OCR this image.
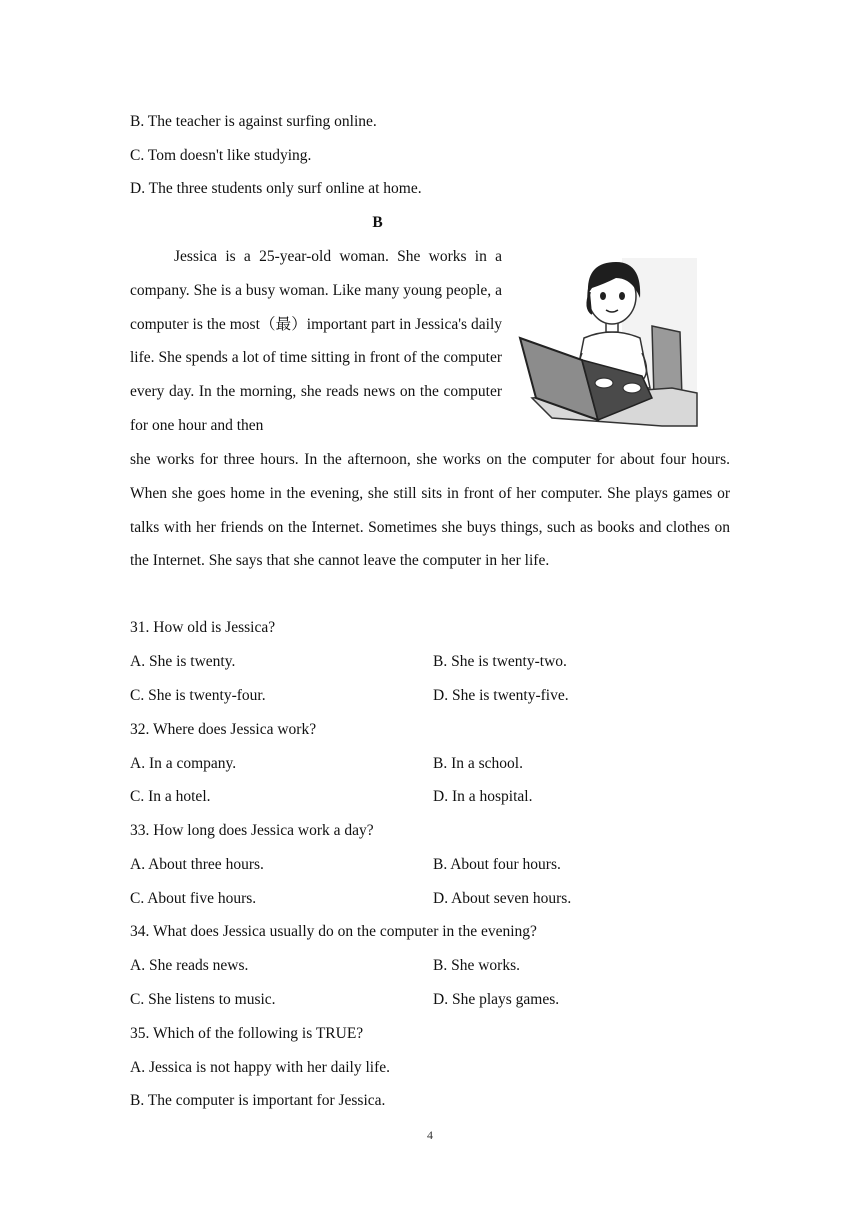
B. The teacher is against surfing online.
C. Tom doesn't like studying.
D. The three students only surf online at home.
B
Jessica is a 25-year-old woman. She works in a company. She is a busy woman. Like many young people, a computer is the most（最）important part in Jessica's daily life. She spends a lot of time sitting in front of the computer every day. In the morning, she reads news on the computer for one hour and then
she works for three hours. In the afternoon, she works on the computer for about four hours. When she goes home in the evening, she still sits in front of her computer. She plays games or talks with her friends on the Internet. Sometimes she buys things, such as books and clothes on the Internet. She says that she cannot leave the computer in her life.
31. How old is Jessica?
A. She is twenty.	B. She is twenty-two.
C. She is twenty-four.	D. She is twenty-five.
32. Where does Jessica work?
A. In a company.	B. In a school.
C. In a hotel.	D. In a hospital.
33. How long does Jessica work a day?
A. About three hours.	B. About four hours.
C. About five hours.	D. About seven hours.
34. What does Jessica usually do on the computer in the evening?
A. She reads news.	B. She works.
C. She listens to music.	D. She plays games.
35. Which of the following is TRUE?
A. Jessica is not happy with her daily life.
B. The computer is important for Jessica.
4
